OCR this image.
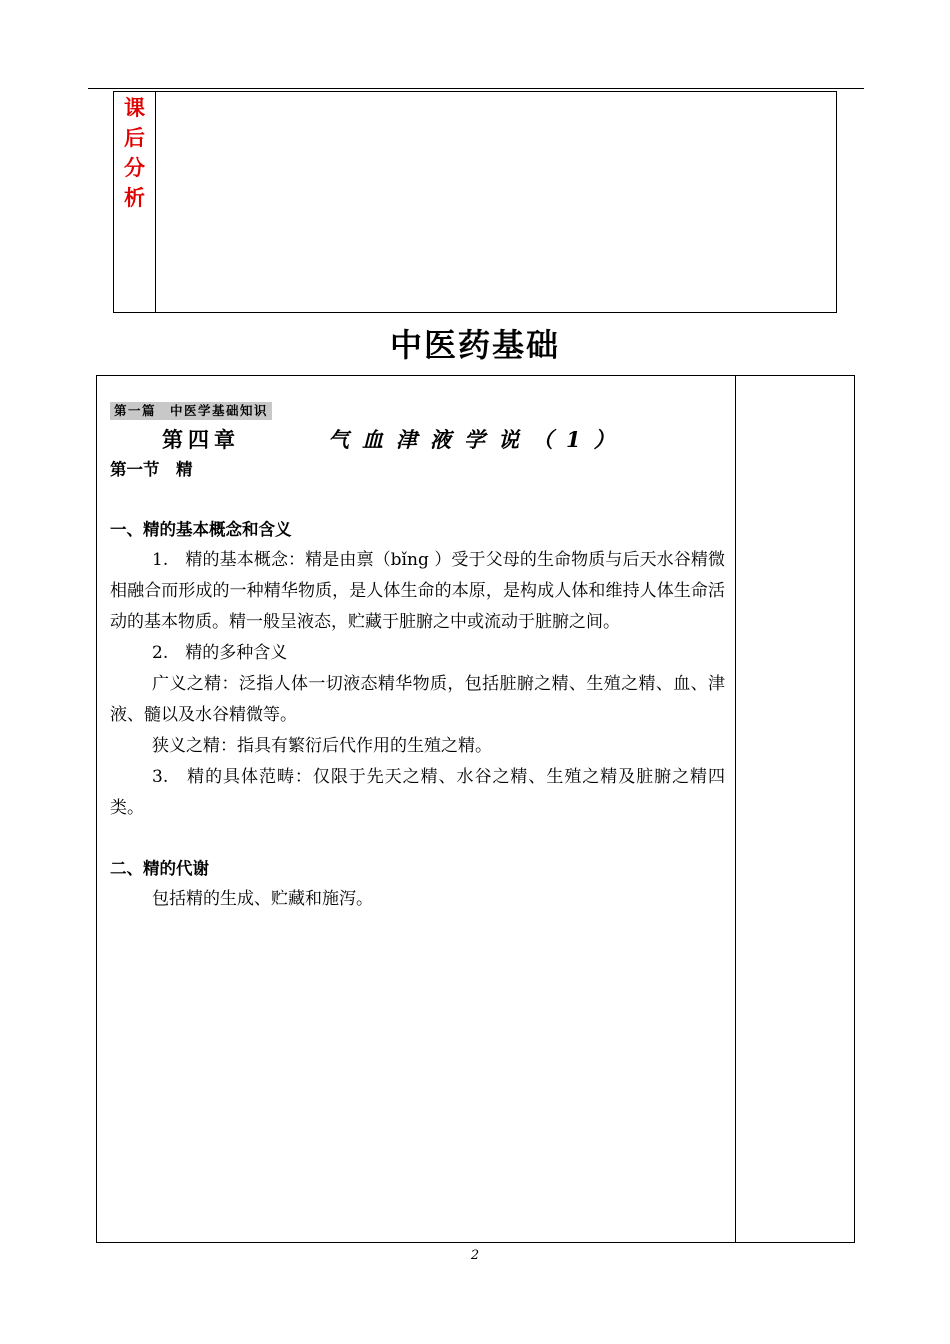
课
后
分
析
中医药基础
第一篇　中医学基础知识
第四章	气血津液学说（1）
第一节　精
一、精的基本概念和含义
1.　精的基本概念：精是由禀（bǐng ）受于父母的生命物质与后天水谷精微相融合而形成的一种精华物质，是人体生命的本原，是构成人体和维持人体生命活动的基本物质。精一般呈液态，贮藏于脏腑之中或流动于脏腑之间。
2.　精的多种含义
广义之精：泛指人体一切液态精华物质，包括脏腑之精、生殖之精、血、津液、髓以及水谷精微等。
狭义之精：指具有繁衍后代作用的生殖之精。
3.　精的具体范畴：仅限于先天之精、水谷之精、生殖之精及脏腑之精四类。
二、精的代谢
包括精的生成、贮藏和施泻。
2
